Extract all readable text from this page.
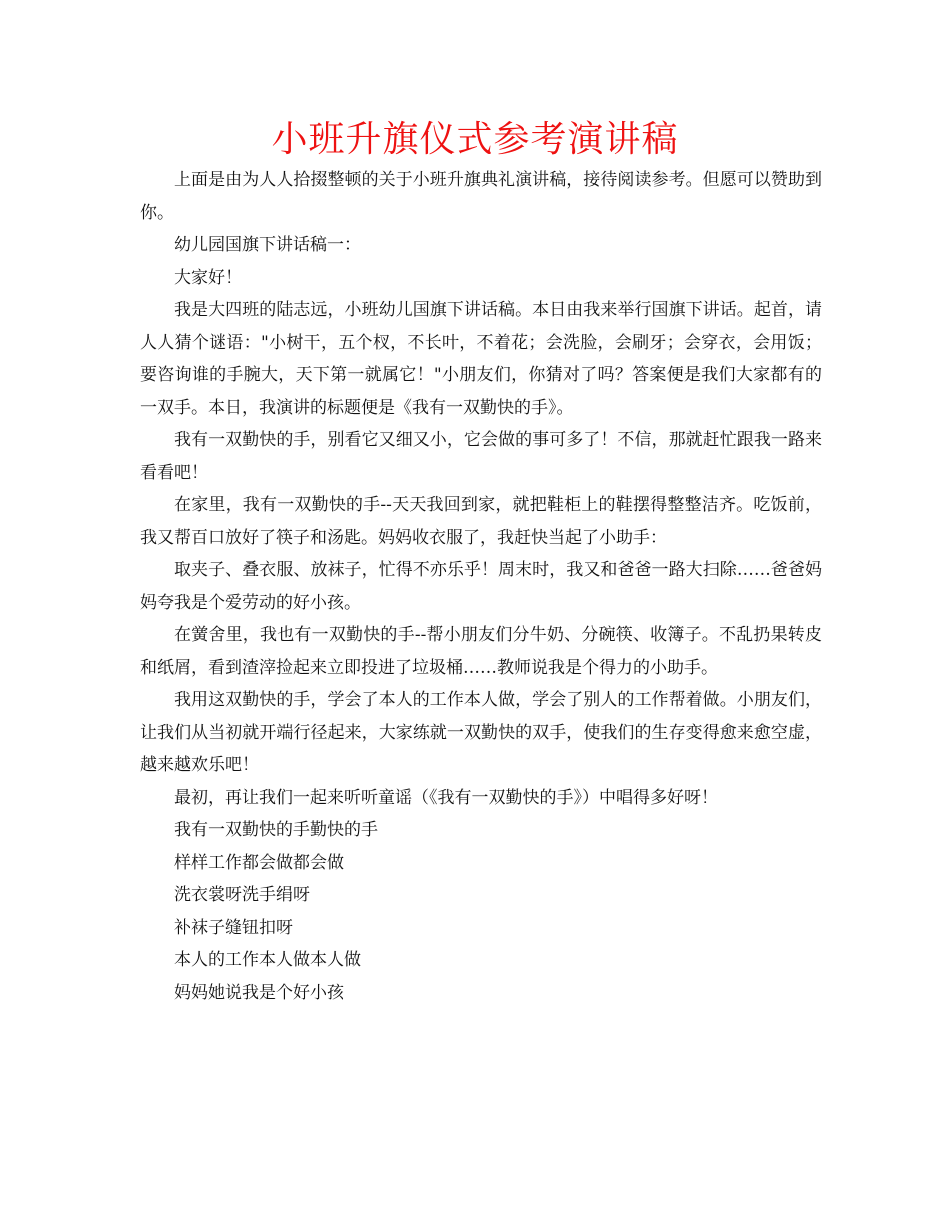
小班升旗仪式参考演讲稿

上面是由为人人拾掇整顿的关于小班升旗典礼演讲稿，接待阅读参考。但愿可以赞助到你。

幼儿园国旗下讲话稿一：

大家好！

我是大四班的陆志远，小班幼儿国旗下讲话稿。本日由我来举行国旗下讲话。起首，请人人猜个谜语："小树干，五个杈，不长叶，不着花；会洗脸，会刷牙；会穿衣，会用饭；要咨询谁的手腕大，天下第一就属它！"小朋友们，你猜对了吗？答案便是我们大家都有的一双手。本日，我演讲的标题便是《我有一双勤快的手》。

我有一双勤快的手，别看它又细又小，它会做的事可多了！不信，那就赶忙跟我一路来看看吧！

在家里，我有一双勤快的手--天天我回到家，就把鞋柜上的鞋摆得整整洁齐。吃饭前，我又帮百口放好了筷子和汤匙。妈妈收衣服了，我赶快当起了小助手：

取夹子、叠衣服、放袜子，忙得不亦乐乎！周末时，我又和爸爸一路大扫除……爸爸妈妈夸我是个爱劳动的好小孩。

在黉舍里，我也有一双勤快的手--帮小朋友们分牛奶、分碗筷、收簿子。不乱扔果转皮和纸屑，看到渣滓捡起来立即投进了垃圾桶……教师说我是个得力的小助手。

我用这双勤快的手，学会了本人的工作本人做，学会了别人的工作帮着做。小朋友们，让我们从当初就开端行径起来，大家练就一双勤快的双手，使我们的生存变得愈来愈空虚，越来越欢乐吧！

最初，再让我们一起来听听童谣（《我有一双勤快的手》）中唱得多好呀！

我有一双勤快的手勤快的手

样样工作都会做都会做

洗衣裳呀洗手绢呀

补袜子缝钮扣呀

本人的工作本人做本人做

妈妈她说我是个好小孩
